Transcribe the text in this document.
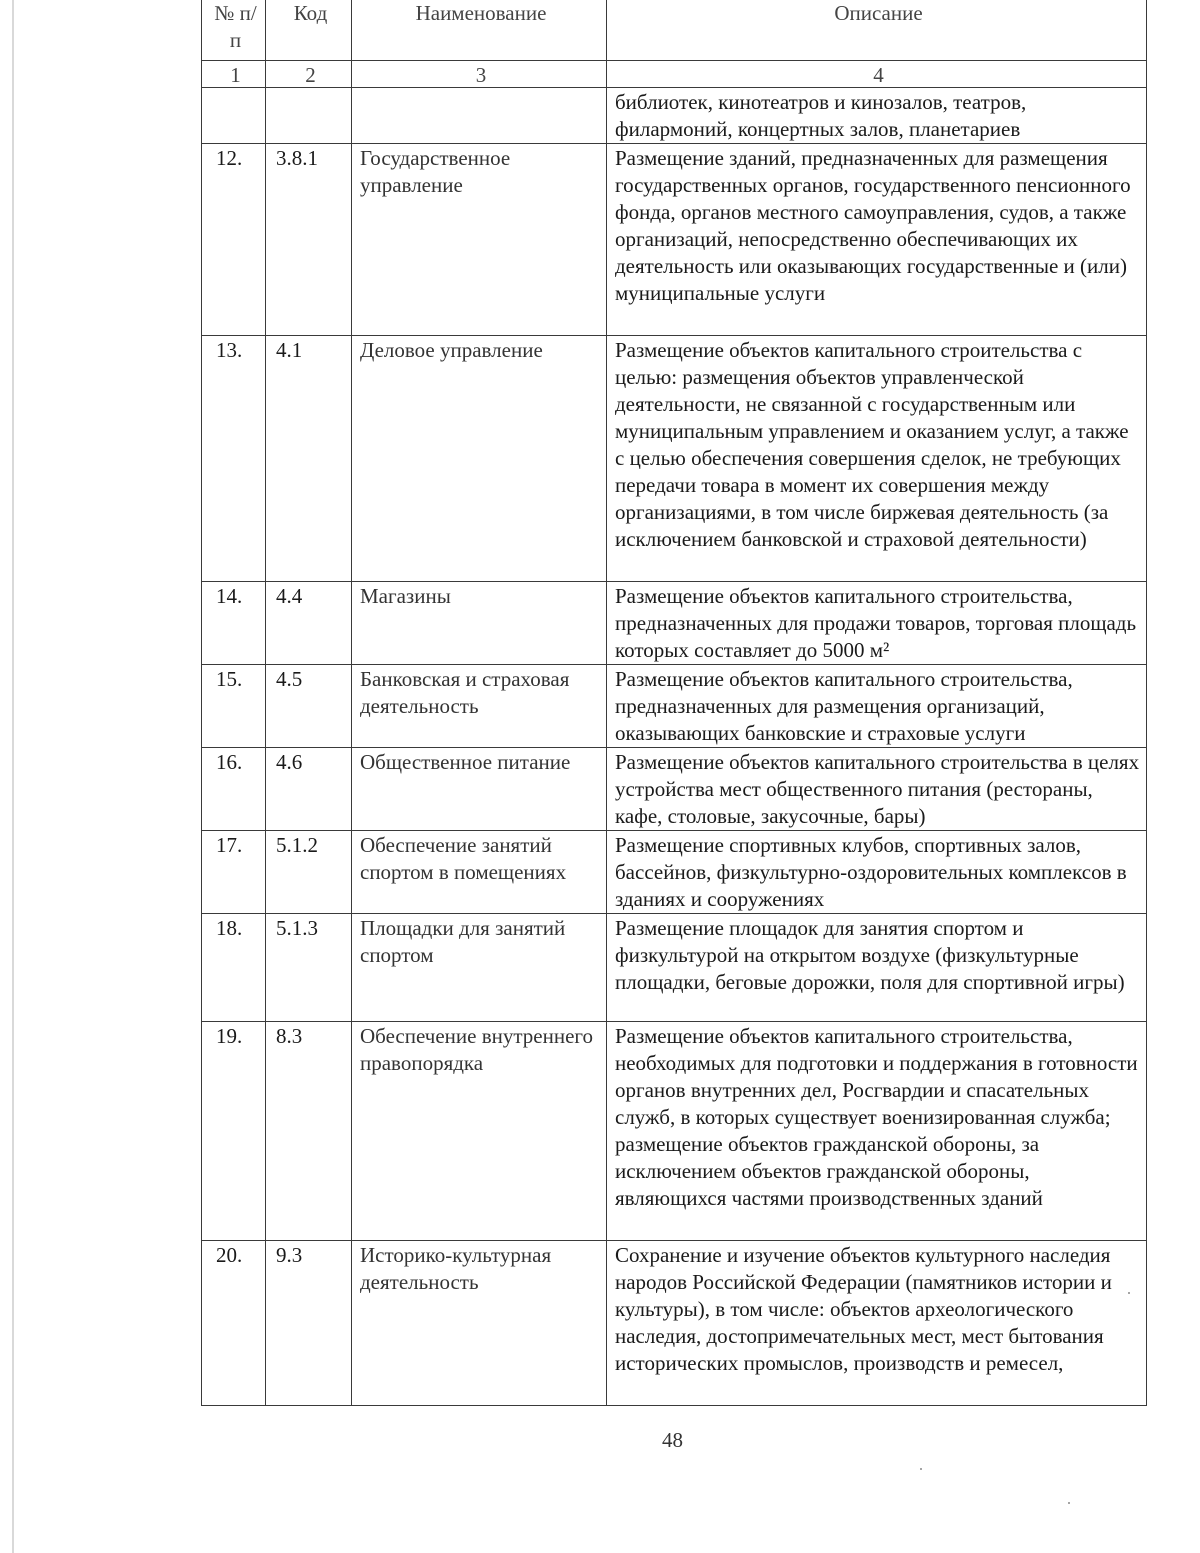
№ п/п	Код	Наименование	Описание
1	2	3	4
			библиотек, кинотеатров и кинозалов, театров, филармоний, концертных залов, планетариев
12.	3.8.1	Государственное управление	Размещение зданий, предназначенных для размещения государственных органов, государственного пенсионного фонда, органов местного самоуправления, судов, а также организаций, непосредственно обеспечивающих их деятельность или оказывающих государственные и (или) муниципальные услуги
13.	4.1	Деловое управление	Размещение объектов капитального строительства с целью: размещения объектов управленческой деятельности, не связанной с государственным или муниципальным управлением и оказанием услуг, а также с целью обеспечения совершения сделок, не требующих передачи товара в момент их совершения между организациями, в том числе биржевая деятельность (за исключением банковской и страховой деятельности)
14.	4.4	Магазины	Размещение объектов капитального строительства, предназначенных для продажи товаров, торговая площадь которых составляет до 5000 м²
15.	4.5	Банковская и страховая деятельность	Размещение объектов капитального строительства, предназначенных для размещения организаций, оказывающих банковские и страховые услуги
16.	4.6	Общественное питание	Размещение объектов капитального строительства в целях устройства мест общественного питания (рестораны, кафе, столовые, закусочные, бары)
17.	5.1.2	Обеспечение занятий спортом в помещениях	Размещение спортивных клубов, спортивных залов, бассейнов, физкультурно-оздоровительных комплексов в зданиях и сооружениях
18.	5.1.3	Площадки для занятий спортом	Размещение площадок для занятия спортом и физкультурой на открытом воздухе (физкультурные площадки, беговые дорожки, поля для спортивной игры)
19.	8.3	Обеспечение внутреннего правопорядка	Размещение объектов капитального строительства, необходимых для подготовки и поддержания в готовности органов внутренних дел, Росгвардии и спасательных служб, в которых существует военизированная служба; размещение объектов гражданской обороны, за исключением объектов гражданской обороны, являющихся частями производственных зданий
20.	9.3	Историко-культурная деятельность	Сохранение и изучение объектов культурного наследия народов Российской Федерации (памятников истории и культуры), в том числе: объектов археологического наследия, достопримечательных мест, мест бытования исторических промыслов, производств и ремесел,
48
